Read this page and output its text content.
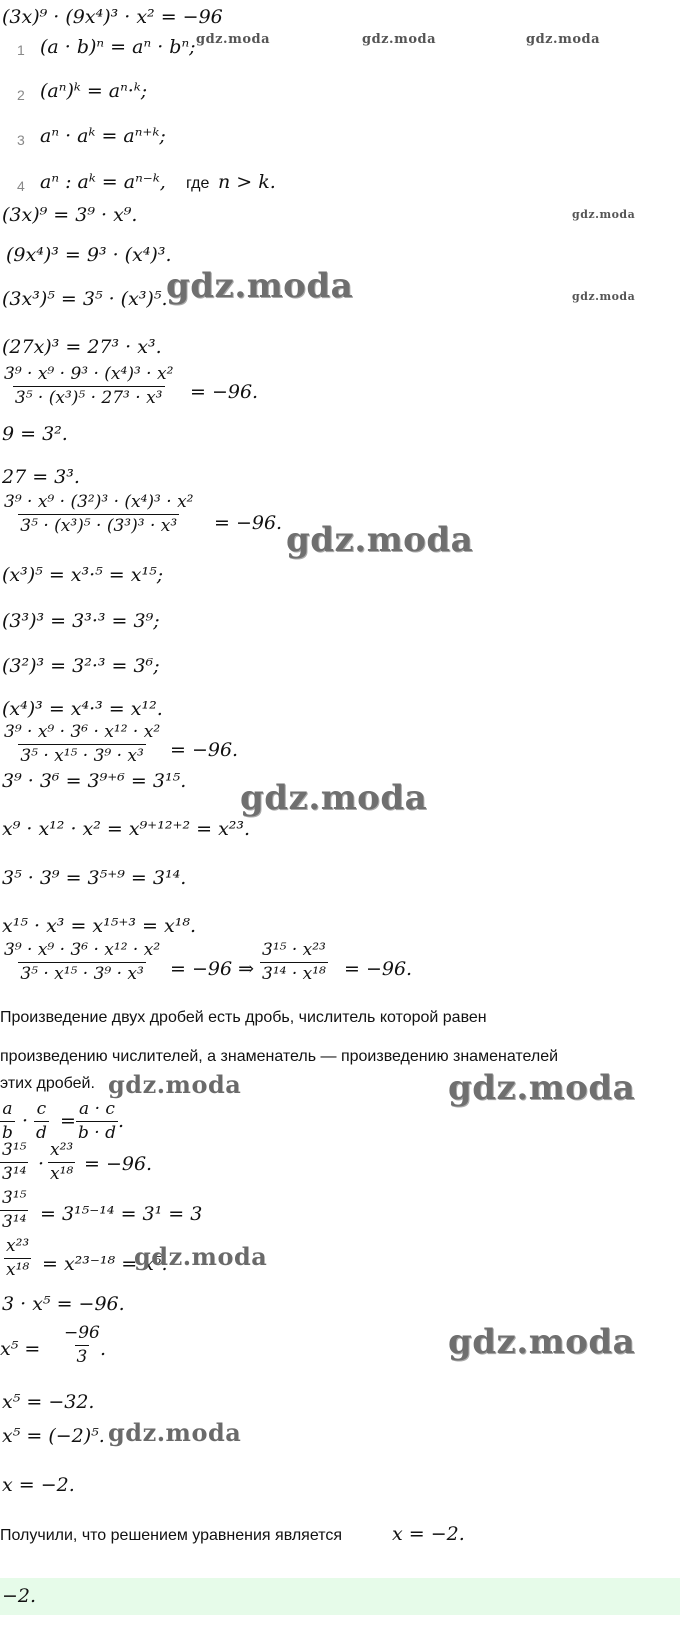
(3x)⁹ · (9x⁴)³ · x² = −96
1 (a · b)ⁿ = aⁿ · bⁿ;
2 (aⁿ)ᵏ = aⁿ·ᵏ;
3 aⁿ · aᵏ = aⁿ⁺ᵏ;
4 aⁿ : aᵏ = aⁿ⁻ᵏ, где n > k.
(3x)⁹ = 3⁹ · x⁹.
(9x⁴)³ = 9³ · (x⁴)³.
(3x³)⁵ = 3⁵ · (x³)⁵.
(27x)³ = 27³ · x³.
$\frac{\text{3⁹ · x⁹ · 9³ · (x⁴)³ · x²}}{\text{3⁵ · (x³)⁵ · 27³ · x³}} = -96$.
9 = 3².
27 = 3³.
$\frac{\text{3⁹ · x⁹ · (3²)³ · (x⁴)³ · x²}}{\text{3⁵ · (x³)⁵ · (3³)³ · x³}} = -96$.
(x³)⁵ = x³·⁵ = x¹⁵;
(3³)³ = 3³·³ = 3⁹;
(3²)³ = 3²·³ = 3⁶;
(x⁴)³ = x⁴·³ = x¹².
$\frac{\text{3⁹ · x⁹ · 3⁶ · x¹² · x²}}{\text{3⁵ · x¹⁵ · 3⁹ · x³}} = -96$.
3⁹ · 3⁶ = 3⁹⁺⁶ = 3¹⁵.
x⁹ · x¹² · x² = x⁹⁺¹²⁺² = x²³.
3⁵ · 3⁹ = 3⁵⁺⁹ = 3¹⁴.
x¹⁵ · x³ = x¹⁵⁺³ = x¹⁸.
$\frac{\text{3⁹ · x⁹ · 3⁶ · x¹² · x²}}{\text{3⁵ · x¹⁵ · 3⁹ · x³}} = -96$ ⇒ $\frac{\text{3¹⁵ · x²³}}{\text{3¹⁴ · x¹⁸}} = -96$.
Произведение двух дробей есть дробь, числитель которой равен
произведению числителей, а знаменатель — произведению знаменателей
этих дробей.
$\frac{a}{b} \cdot \frac{c}{d} = \frac{a \cdot c}{b \cdot d}$ .
$\frac{\text{3¹⁵}}{\text{3¹⁴}} \cdot \frac{\text{x²³}}{\text{x¹⁸}} = -96$.
$\frac{\text{3¹⁵}}{\text{3¹⁴}} = 3^{15-14} = 3^1 = 3$
$\frac{\text{x²³}}{\text{x¹⁸}} = x^{23-18} = x^5$.
3 · x⁵ = −96.
$x^5 = \frac{-96}{3}$
.
x⁵ = −32.
x⁵ = (−2)⁵.
x = −2.
Получили, что решением уравнения является	x = −2.
−2.
gdz.moda	gdz.moda	gdz.moda
gdz.moda
gdz.moda
gdz.moda
gdz.moda
gdz.moda
gdz.moda	gdz.moda
gdz.moda
gdz.moda
gdz.moda
